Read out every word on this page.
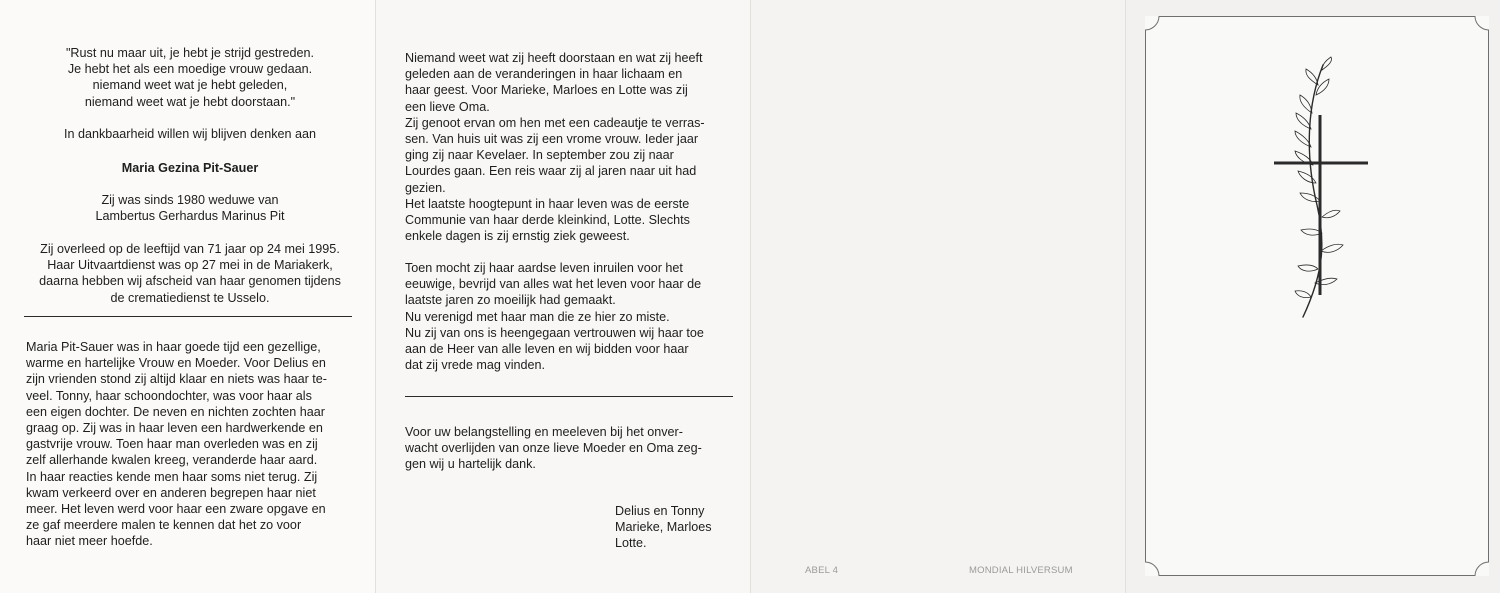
"Rust nu maar uit, je hebt je strijd gestreden.
Je hebt het als een moedige vrouw gedaan.
niemand weet wat je hebt geleden,
niemand weet wat je hebt doorstaan."
In dankbaarheid willen wij blijven denken aan
Maria Gezina Pit-Sauer
Zij was sinds 1980 weduwe van
Lambertus Gerhardus Marinus Pit
Zij overleed op de leeftijd van 71 jaar op 24 mei 1995.
Haar Uitvaartdienst was op 27 mei in de Mariakerk,
daarna hebben wij afscheid van haar genomen tijdens
de crematiedienst te Usselo.
Maria Pit-Sauer was in haar goede tijd een gezellige,
warme en hartelijke Vrouw en Moeder. Voor Delius en
zijn vrienden stond zij altijd klaar en niets was haar te-
veel. Tonny, haar schoondochter, was voor haar als
een eigen dochter. De neven en nichten zochten haar
graag op. Zij was in haar leven een hardwerkende en
gastvrije vrouw. Toen haar man overleden was en zij
zelf allerhande kwalen kreeg, veranderde haar aard.
In haar reacties kende men haar soms niet terug. Zij
kwam verkeerd over en anderen begrepen haar niet
meer. Het leven werd voor haar een zware opgave en
ze gaf meerdere malen te kennen dat het zo voor
haar niet meer hoefde.
Niemand weet wat zij heeft doorstaan en wat zij heeft
geleden aan de veranderingen in haar lichaam en
haar geest. Voor Marieke, Marloes en Lotte was zij
een lieve Oma.
Zij genoot ervan om hen met een cadeautje te verras-
sen. Van huis uit was zij een vrome vrouw. Ieder jaar
ging zij naar Kevelaer. In september zou zij naar
Lourdes gaan. Een reis waar zij al jaren naar uit had
gezien.
Het laatste hoogtepunt in haar leven was de eerste
Communie van haar derde kleinkind, Lotte. Slechts
enkele dagen is zij ernstig ziek geweest.
Toen mocht zij haar aardse leven inruilen voor het
eeuwige, bevrijd van alles wat het leven voor haar de
laatste jaren zo moeilijk had gemaakt.
Nu verenigd met haar man die ze hier zo miste.
Nu zij van ons is heengegaan vertrouwen wij haar toe
aan de Heer van alle leven en wij bidden voor haar
dat zij vrede mag vinden.
Voor uw belangstelling en meeleven bij het onver-
wacht overlijden van onze lieve Moeder en Oma zeg-
gen wij u hartelijk dank.
Delius en Tonny
Marieke, Marloes
Lotte.
ABEL 4	MONDIAL HILVERSUM
